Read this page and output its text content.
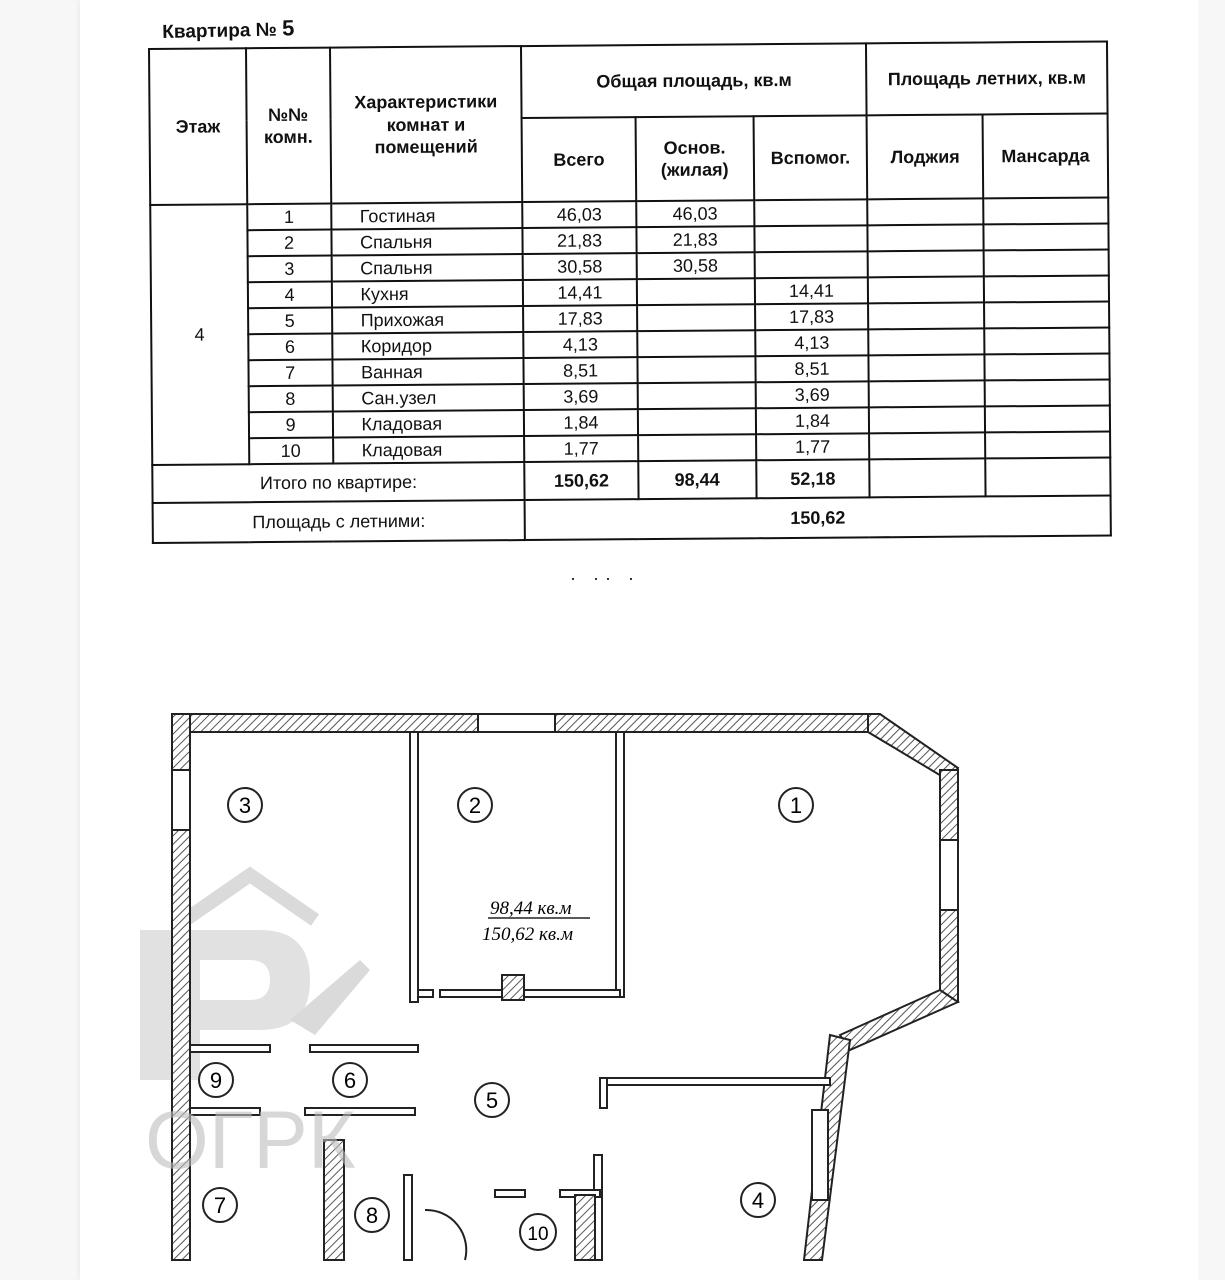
Квартира № 5
Этаж	№№ комн.	Характеристики комнат и помещений	Общая площадь, кв.м			Площадь летних, кв.м	
			Всего	Основ. (жилая)	Вспомог.	Лоджия	Мансарда
4	1	Гостиная	46,03	46,03			
	2	Спальня	21,83	21,83			
	3	Спальня	30,58	30,58			
	4	Кухня	14,41		14,41		
	5	Прихожая	17,83		17,83		
	6	Коридор	4,13		4,13		
	7	Ванная	8,51		8,51		
	8	Сан.узел	3,69		3,69		
	9	Кладовая	1,84		1,84		
	10	Кладовая	1,77		1,77		
Итого по квартире:			150,62	98,44	52,18		
Площадь с летними:			150,62				
· ·· ·
1
2
3
4
5
6
7	8
9
10
98,44 кв.м
150,62 кв.м
ОГРК
